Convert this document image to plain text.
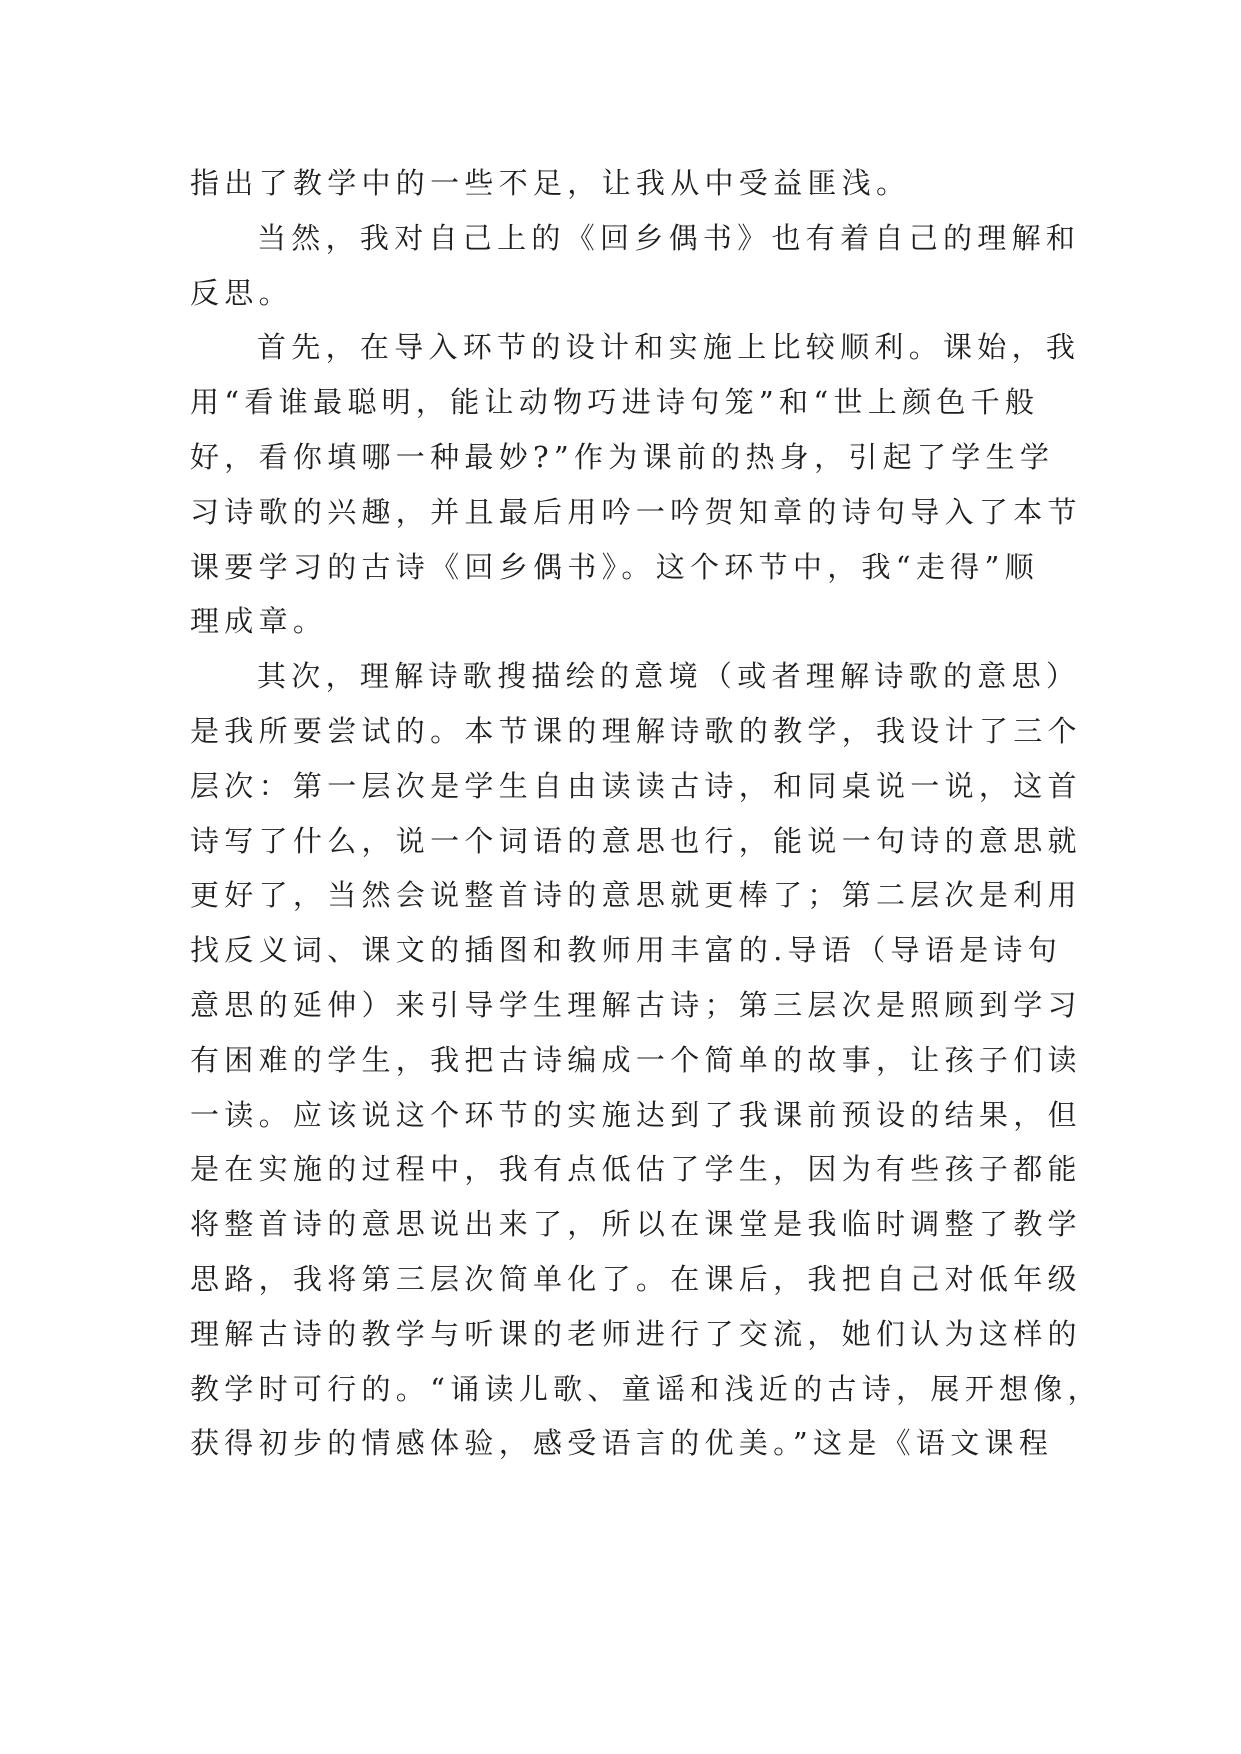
指出了教学中的一些不足，让我从中受益匪浅。
当然，我对自己上的《回乡偶书》也有着自己的理解和
反思。
首先，在导入环节的设计和实施上比较顺利。课始，我
用“看谁最聪明，能让动物巧进诗句笼”和“世上颜色千般
好，看你填哪一种最妙?”作为课前的热身，引起了学生学
习诗歌的兴趣，并且最后用吟一吟贺知章的诗句导入了本节
课要学习的古诗《回乡偶书》。这个环节中，我“走得”顺
理成章。
其次，理解诗歌搜描绘的意境（或者理解诗歌的意思）
是我所要尝试的。本节课的理解诗歌的教学，我设计了三个
层次：第一层次是学生自由读读古诗，和同桌说一说，这首
诗写了什么，说一个词语的意思也行，能说一句诗的意思就
更好了，当然会说整首诗的意思就更棒了；第二层次是利用
找反义词、课文的插图和教师用丰富的.导语（导语是诗句
意思的延伸）来引导学生理解古诗；第三层次是照顾到学习
有困难的学生，我把古诗编成一个简单的故事，让孩子们读
一读。应该说这个环节的实施达到了我课前预设的结果，但
是在实施的过程中，我有点低估了学生，因为有些孩子都能
将整首诗的意思说出来了，所以在课堂是我临时调整了教学
思路，我将第三层次简单化了。在课后，我把自己对低年级
理解古诗的教学与听课的老师进行了交流，她们认为这样的
教学时可行的。“诵读儿歌、童谣和浅近的古诗，展开想像，
获得初步的情感体验，感受语言的优美。”这是《语文课程
